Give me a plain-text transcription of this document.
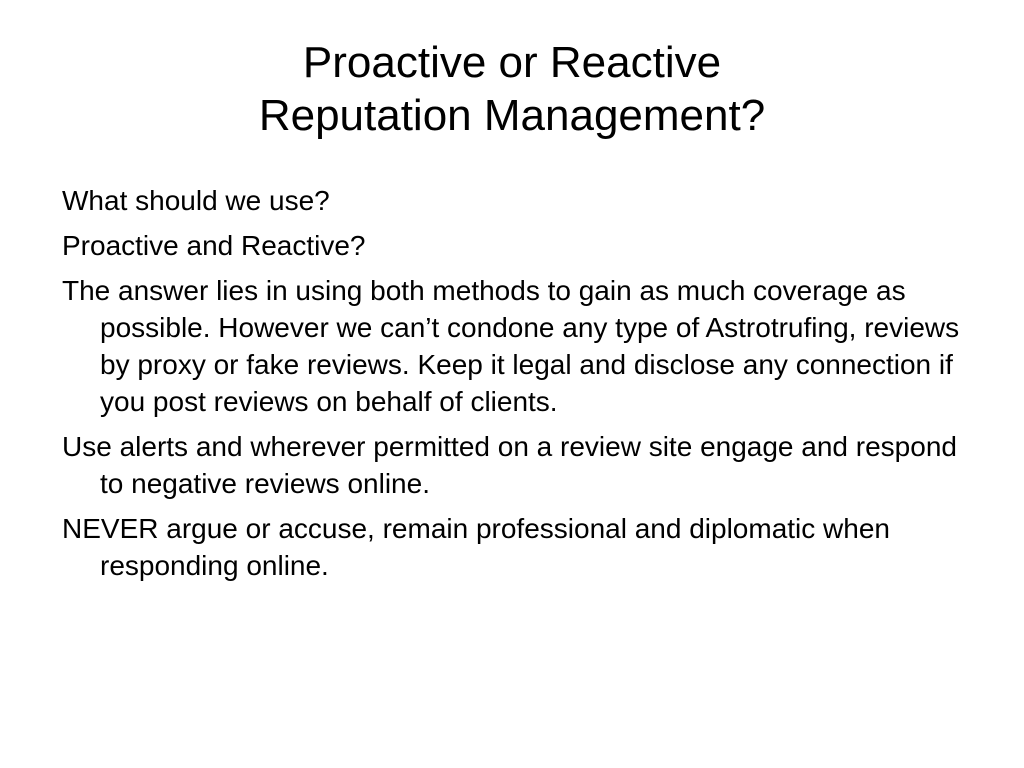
Proactive or Reactive
Reputation Management?
What should we use?
Proactive and Reactive?
The answer lies in using both methods to gain as much coverage as possible. However we can’t condone any type of Astrotrufing, reviews by proxy or fake reviews. Keep it legal and disclose any connection if you post reviews on behalf of clients.
Use alerts and wherever permitted on a review site engage and respond to negative reviews online.
NEVER argue or accuse, remain professional and diplomatic when responding online.
